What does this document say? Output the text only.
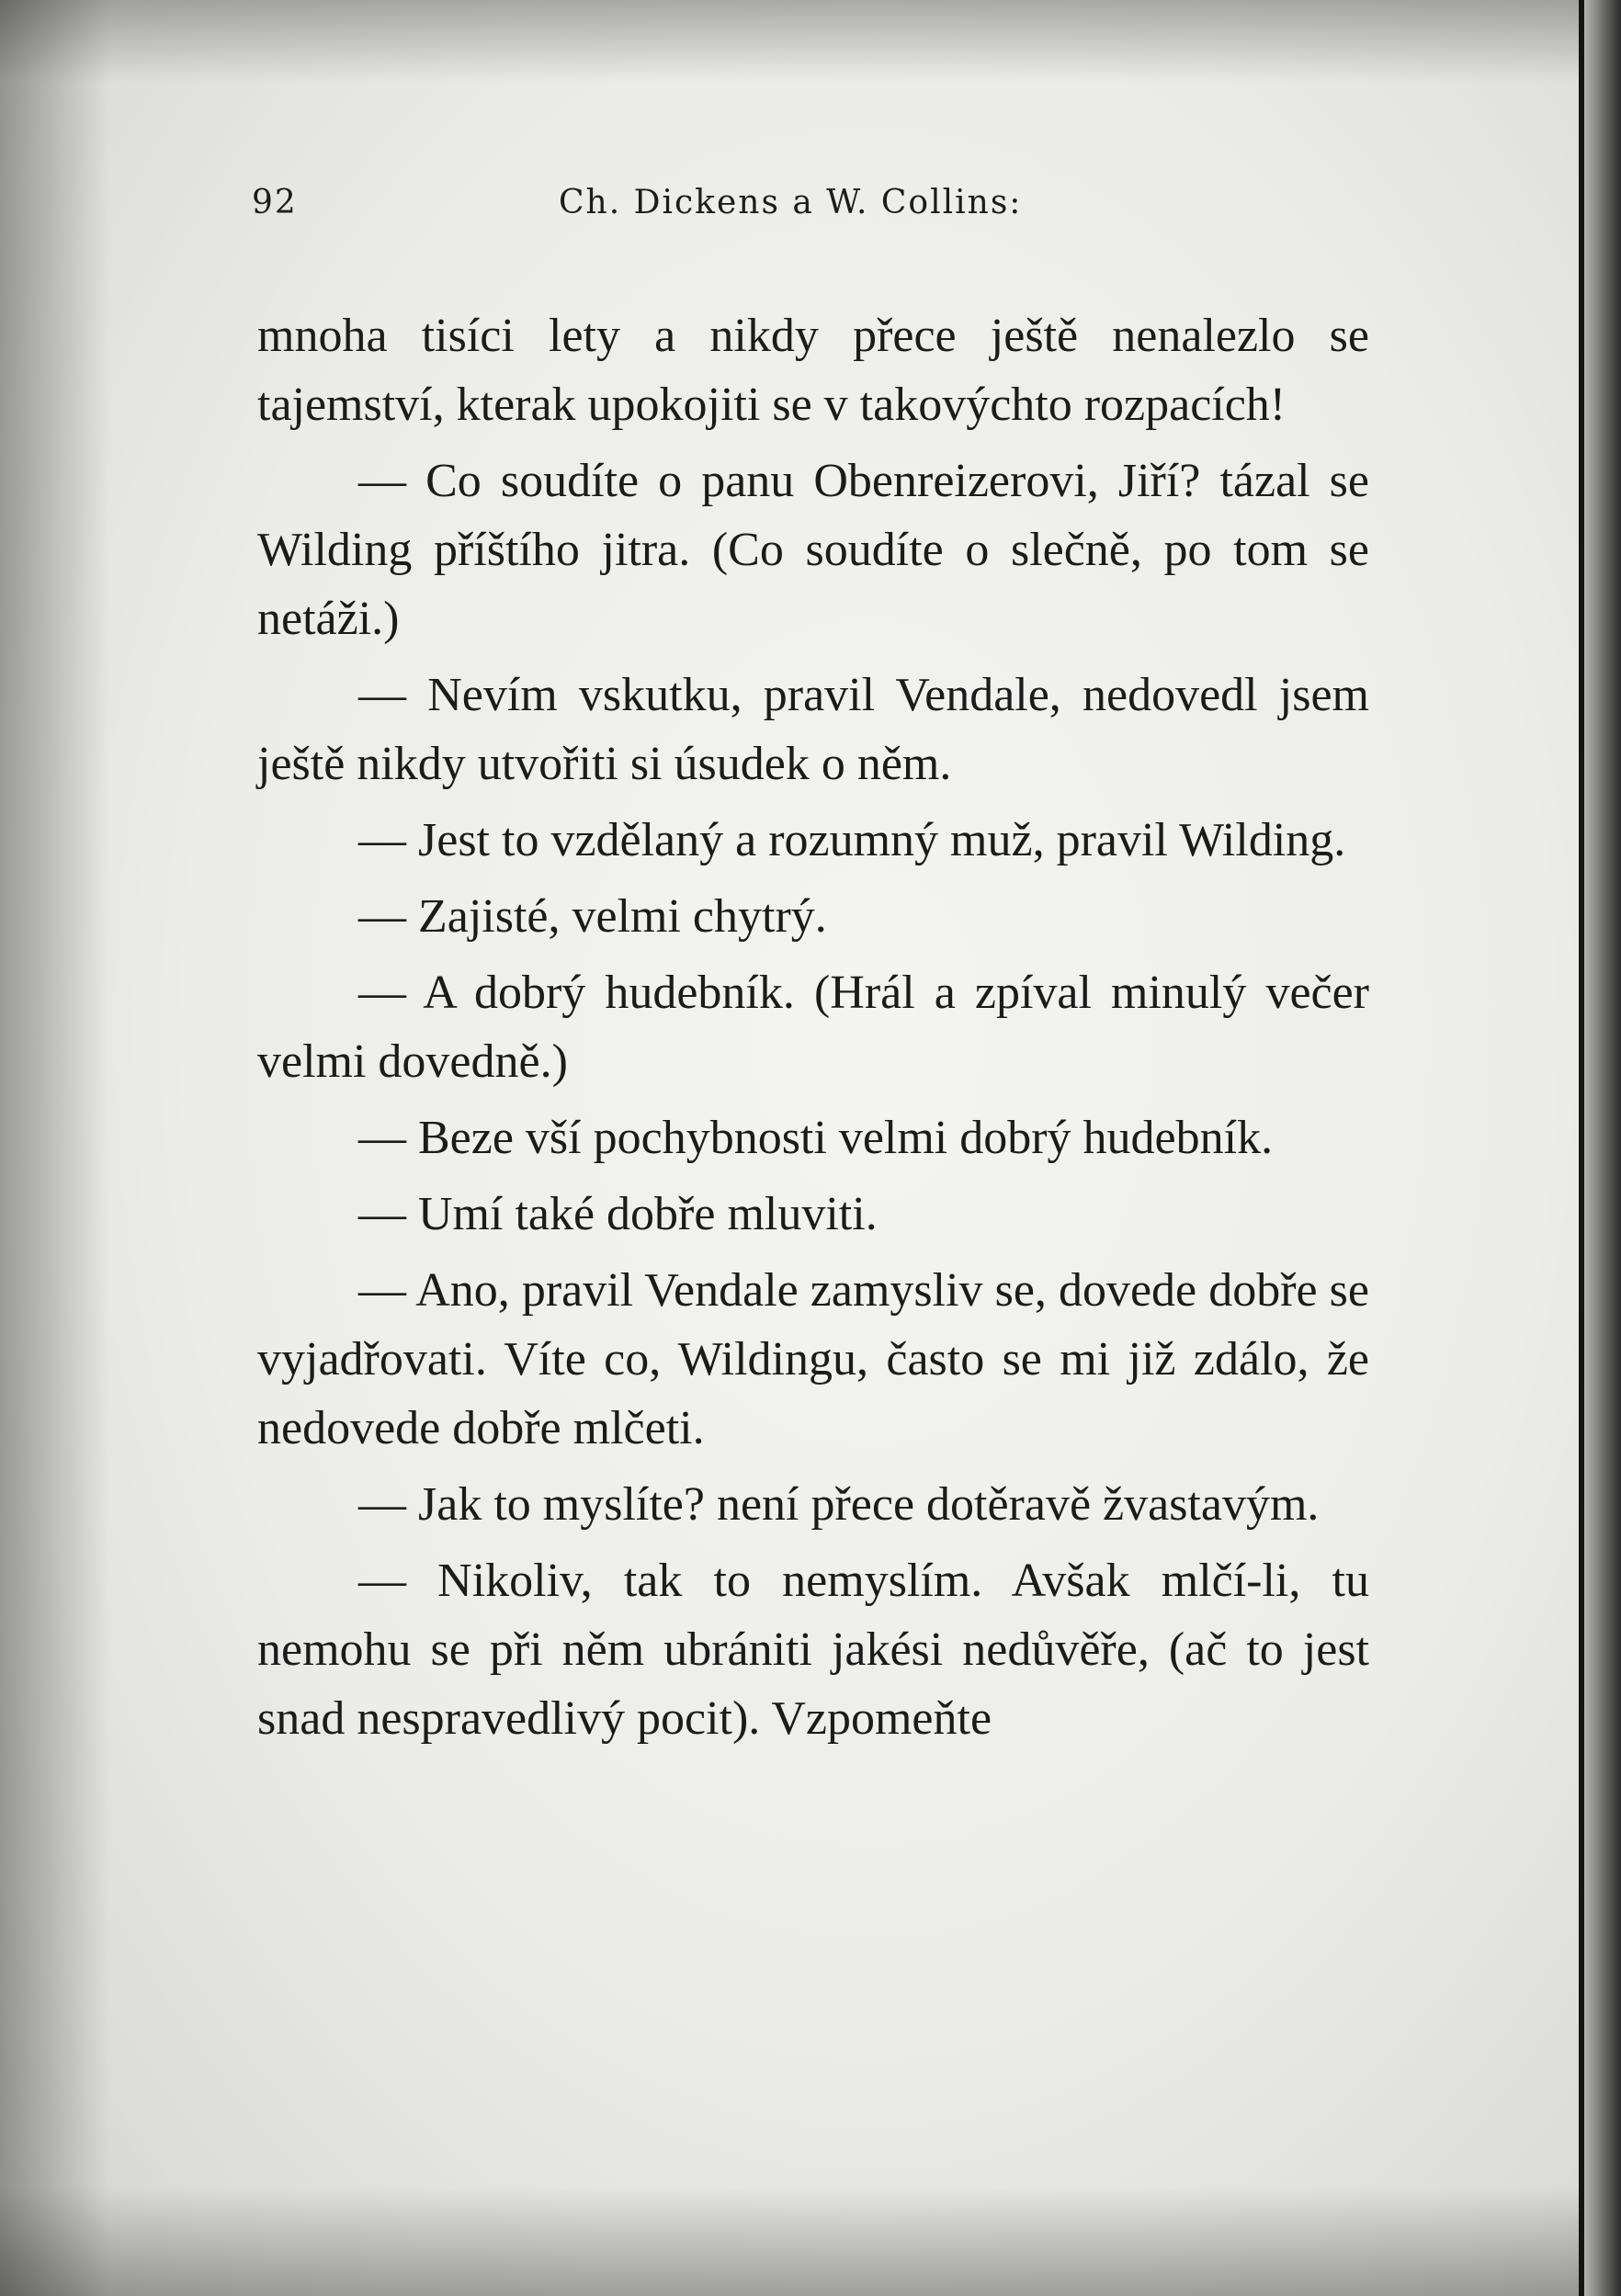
92	Ch. Dickens a W. Collins:

mnoha tisíci lety a nikdy přece ještě nenalezlo se tajemství, kterak upokojiti se v takovýchto rozpacích!

— Co soudíte o panu Obenreizerovi, Jiří? tázal se Wilding příštího jitra. (Co soudíte o slečně, po tom se netáži.)

— Nevím vskutku, pravil Vendale, nedovedl jsem ještě nikdy utvořiti si úsudek o něm.

— Jest to vzdělaný a rozumný muž, pravil Wilding.

— Zajisté, velmi chytrý.

— A dobrý hudebník. (Hrál a zpíval minulý večer velmi dovedně.)

— Beze vší pochybnosti velmi dobrý hudebník.

— Umí také dobře mluviti.

— Ano, pravil Vendale zamysliv se, dovede dobře se vyjadřovati. Víte co, Wildingu, často se mi již zdálo, že nedovede dobře mlčeti.

— Jak to myslíte? není přece dotěravě žvastavým.

— Nikoliv, tak to nemyslím. Avšak mlčí-li, tu nemohu se při něm ubrániti jakési nedůvěře, (ač to jest snad nespravedlivý pocit). Vzpomeňte
